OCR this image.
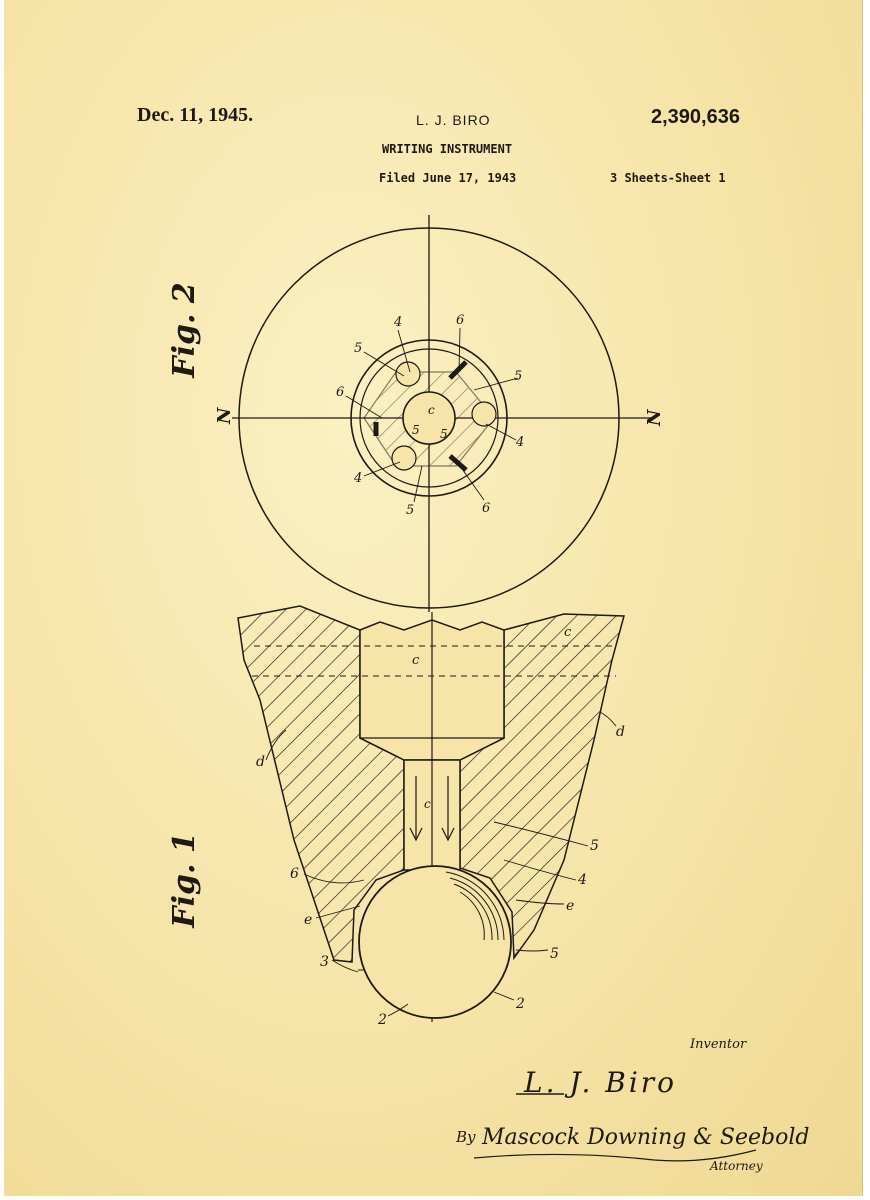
Dec. 11, 1945.	L. J. BIRO	2,390,636
WRITING INSTRUMENT
Filed June 17, 1943	3 Sheets-Sheet 1
4	6
5
5
6
5
c
5
4
4
5	6
N	N
Fig. 2
c
d
d
c
c
6
e
3
5
4
e
5
2
2
Fig. 1
Inventor
L. J. Biro
By Mascock Downing & Seebold
Attorney
